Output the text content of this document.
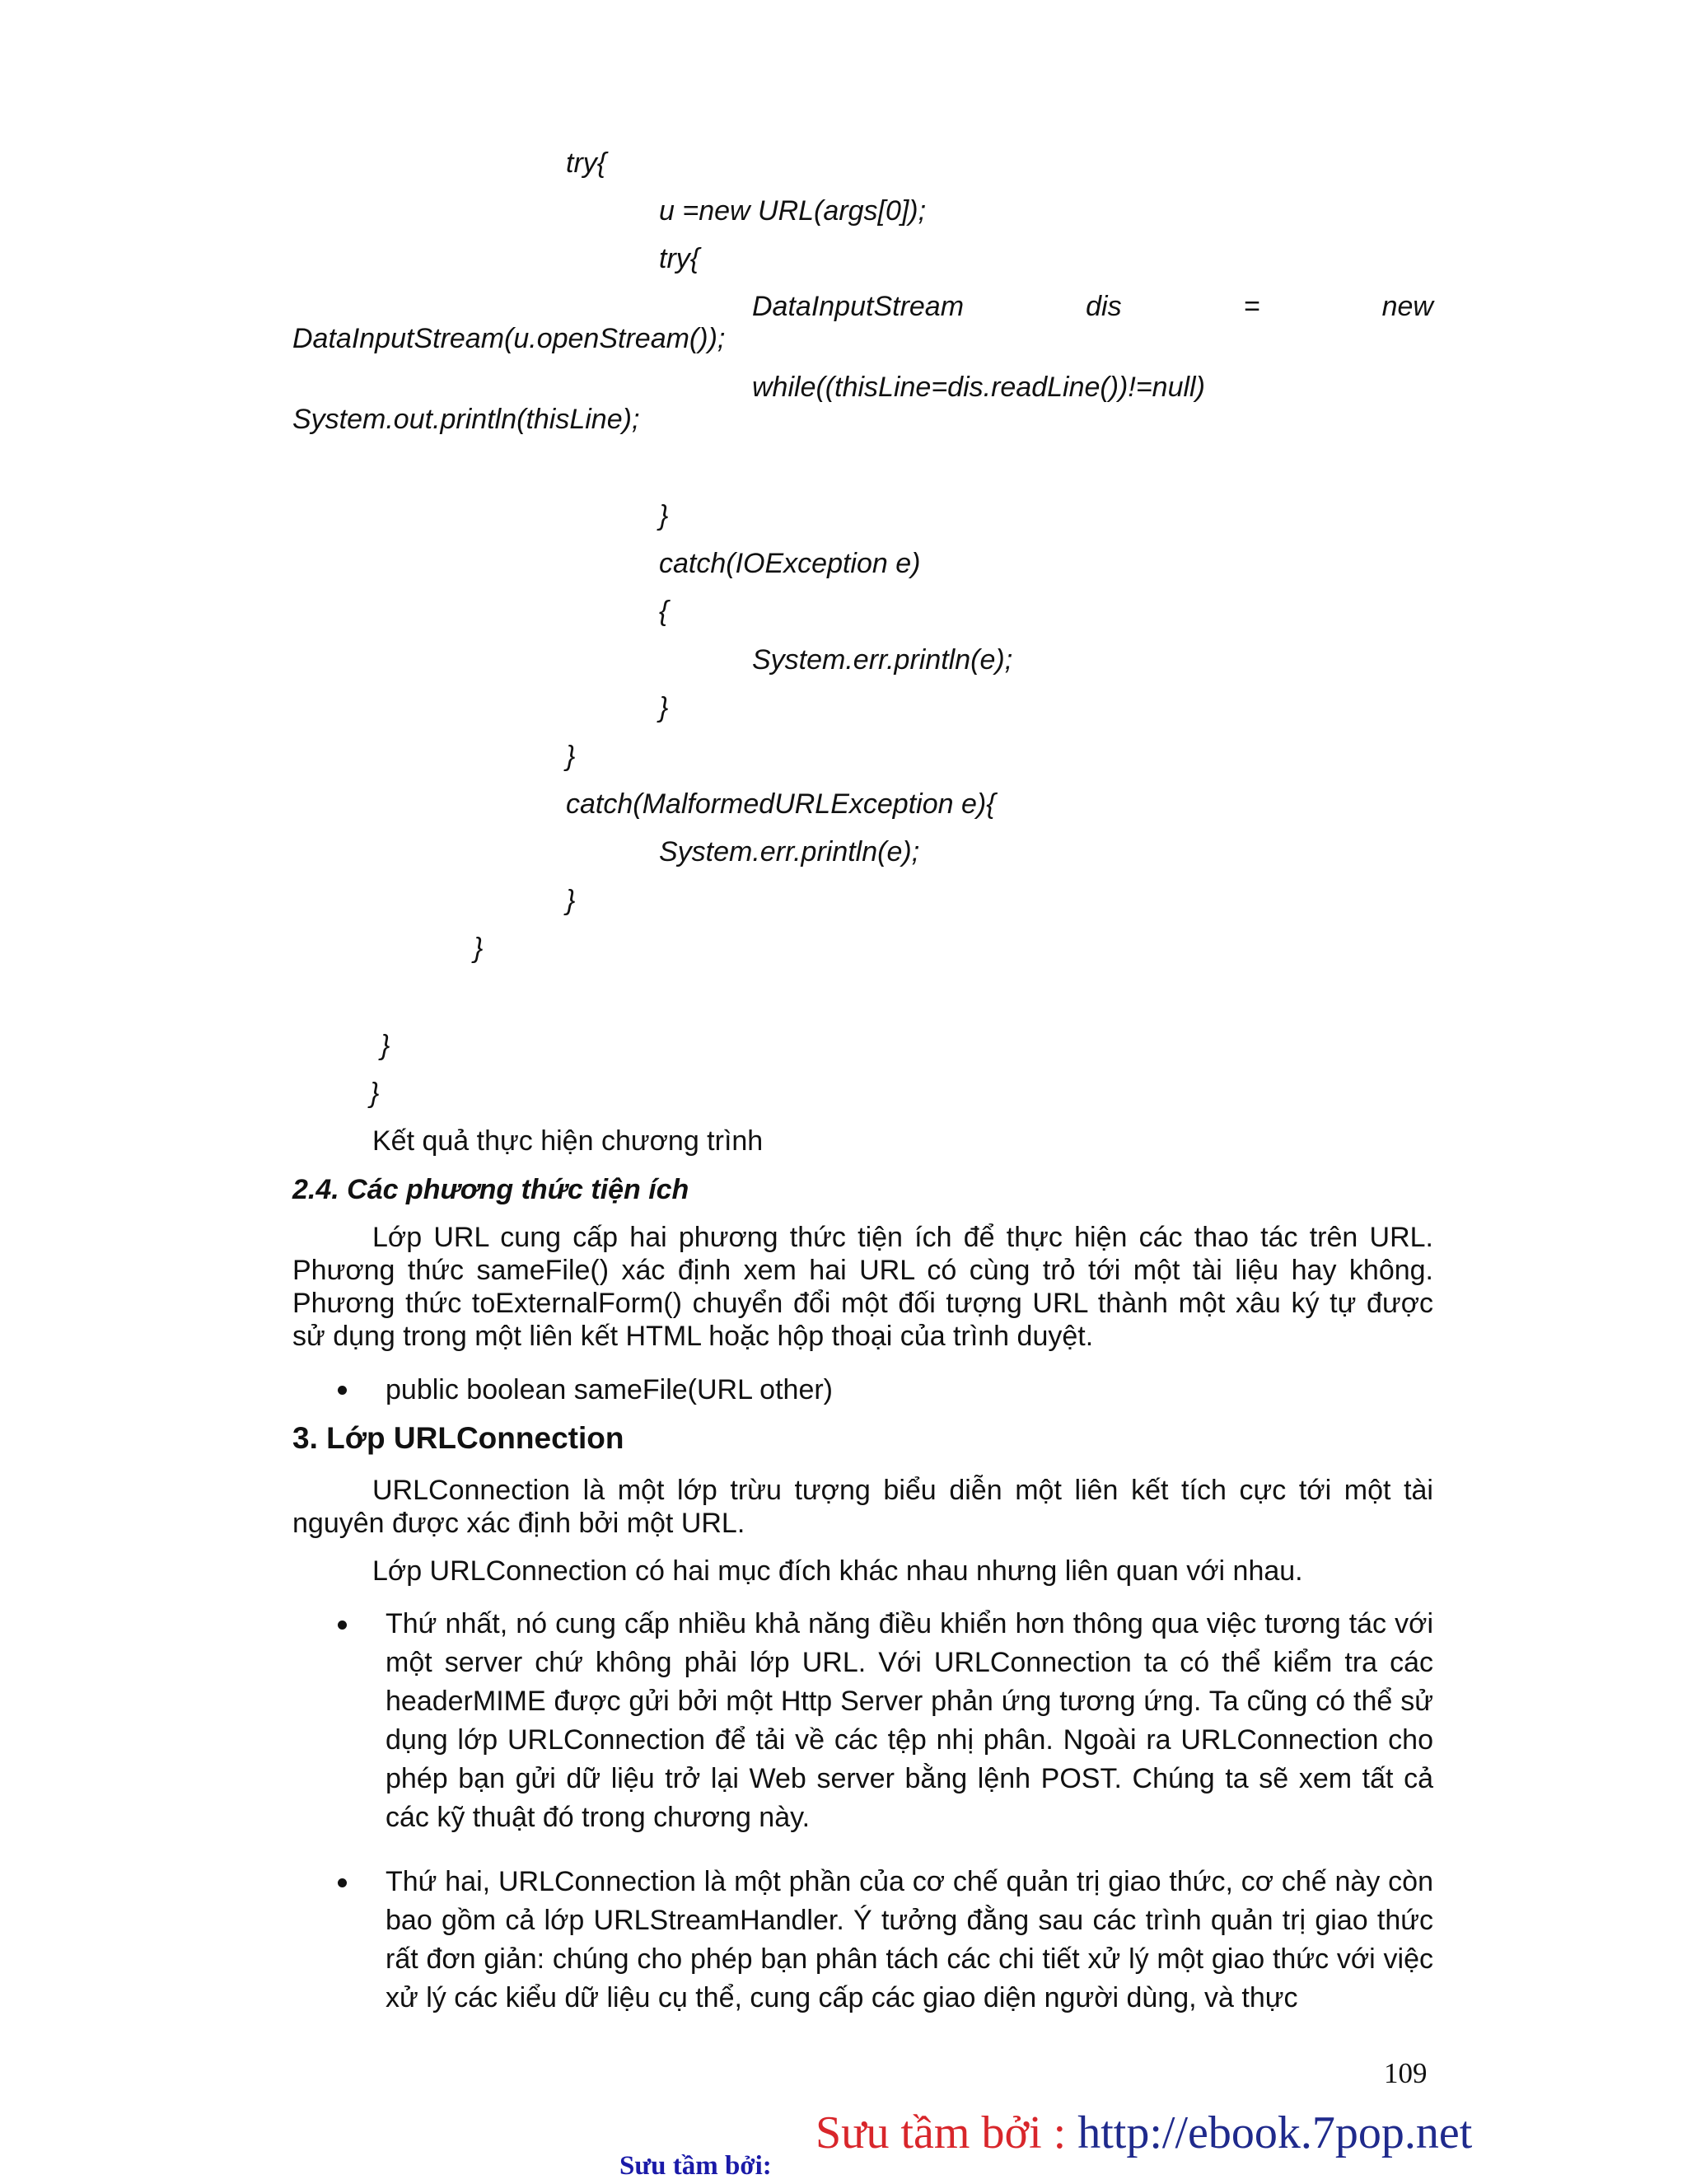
try{
u =new URL(args[0]);
try{
DataInputStream	dis	=	new
DataInputStream(u.openStream());
while((thisLine=dis.readLine())!=null)
System.out.println(thisLine);
}
catch(IOException e)
{
System.err.println(e);
}
}
catch(MalformedURLException e){
System.err.println(e);
}
}
}
}
Kết quả thực hiện chương trình
2.4. Các phương thức tiện ích
Lớp URL cung cấp hai phương thức tiện ích để thực hiện các thao tác trên URL. Phương thức sameFile() xác định xem hai URL có cùng trỏ tới một tài liệu hay không. Phương thức toExternalForm() chuyển đổi một đối tượng URL thành một xâu ký tự được sử dụng trong một liên kết HTML hoặc hộp thoại của trình duyệt.
public boolean sameFile(URL other)
3. Lớp URLConnection
URLConnection là một lớp trừu tượng biểu diễn một liên kết tích cực tới một tài nguyên được xác định bởi một URL.
Lớp URLConnection có hai mục đích khác nhau nhưng liên quan với nhau.
Thứ nhất, nó cung cấp nhiều khả năng điều khiển hơn thông qua việc tương tác với một server chứ không phải lớp URL. Với URLConnection ta có thể kiểm tra các headerMIME được gửi bởi một Http Server phản ứng tương ứng. Ta cũng có thể sử dụng lớp URLConnection để tải về các tệp nhị phân. Ngoài ra URLConnection cho phép bạn gửi dữ liệu trở lại Web server bằng lệnh POST. Chúng ta sẽ xem tất cả các kỹ thuật đó trong chương này.
Thứ hai, URLConnection là một phần của cơ chế quản trị giao thức, cơ chế này còn bao gồm cả lớp URLStreamHandler. Ý tưởng đằng sau các trình quản trị giao thức rất đơn giản: chúng cho phép bạn phân tách các chi tiết xử lý một giao thức với việc xử lý các kiểu dữ liệu cụ thể, cung cấp các giao diện người dùng, và thực
109
Sưu tầm bởi : http://ebook.7pop.net
Sưu tầm bởi:
